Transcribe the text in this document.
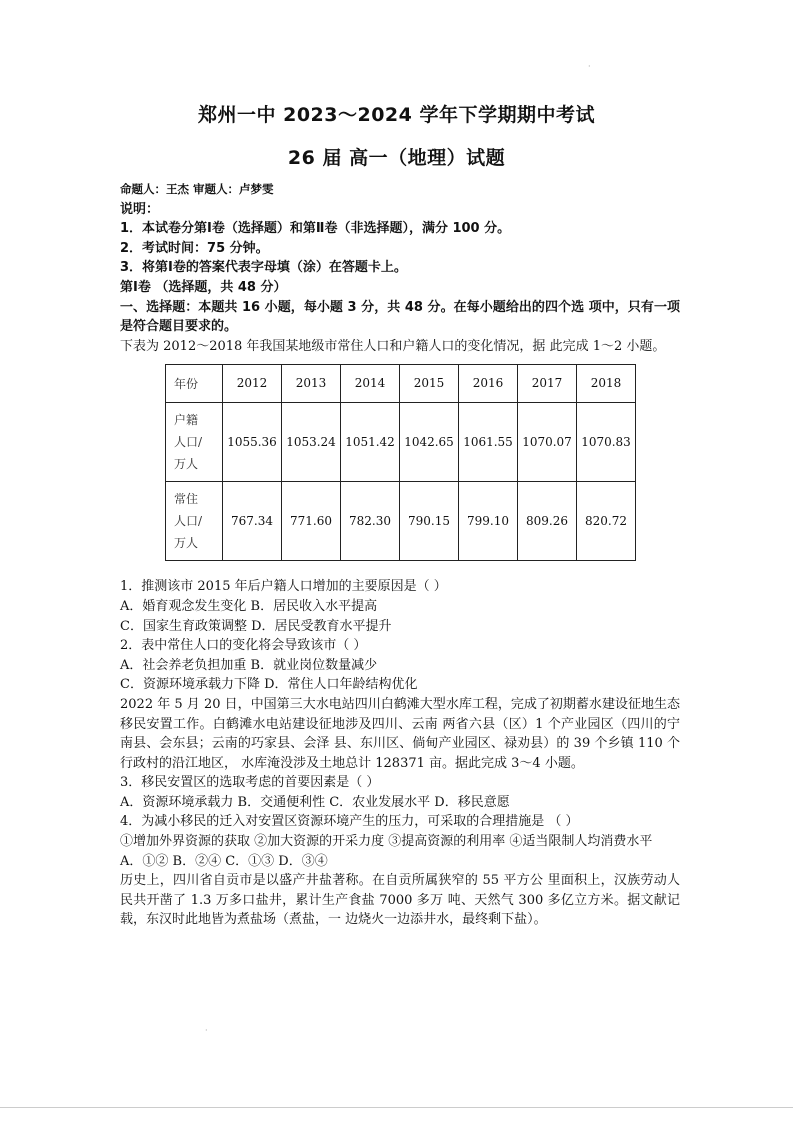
·
郑州一中 2023～2024 学年下学期期中考试
26 届 高一（地理）试题

命题人：王杰 审题人：卢梦雯

说明：

1．本试卷分第Ⅰ卷（选择题）和第Ⅱ卷（非选择题），满分 100 分。

2．考试时间：75 分钟。

3．将第Ⅰ卷的答案代表字母填（涂）在答题卡上。

第Ⅰ卷 （选择题，共 48 分）

一、选择题：本题共 16 小题，每小题 3 分，共 48 分。在每小题给出的四个选 项中，只有一项是符合题目要求的。

下表为 2012～2018 年我国某地级市常住人口和户籍人口的变化情况，据 此完成 1～2 小题。

年份	2012	2013	2014	2015	2016	2017	2018

户籍
人口/
万人	1055.36	1053.24	1051.42	1042.65	1061.55	1070.07	1070.83

常住
人口/
万人	767.34	771.60	782.30	790.15	799.10	809.26	820.72

1．推测该市 2015 年后户籍人口增加的主要原因是（ ）

A．婚育观念发生变化 B．居民收入水平提高

C．国家生育政策调整 D．居民受教育水平提升

2．表中常住人口的变化将会导致该市（ ）

A．社会养老负担加重 B．就业岗位数量减少

C．资源环境承载力下降 D．常住人口年龄结构优化

2022 年 5 月 20 日，中国第三大水电站四川白鹤滩大型水库工程，完成了初期蓄水建设征地生态移民安置工作。白鹤滩水电站建设征地涉及四川、云南 两省六县（区）1 个产业园区（四川的宁南县、会东县；云南的巧家县、会泽 县、东川区、倘甸产业园区、禄劝县）的 39 个乡镇 110 个行政村的沿江地区， 水库淹没涉及土地总计 128371 亩。据此完成 3～4 小题。

3．移民安置区的选取考虑的首要因素是（ ）

A．资源环境承载力 B．交通便利性 C．农业发展水平 D．移民意愿

4．为减小移民的迁入对安置区资源环境产生的压力，可采取的合理措施是 （ ）

①增加外界资源的获取 ②加大资源的开采力度 ③提高资源的利用率 ④适当限制人均消费水平

A．①② B．②④ C．①③ D．③④

历史上，四川省自贡市是以盛产井盐著称。在自贡所属狭窄的 55 平方公 里面积上，汉族劳动人民共开凿了 1.3 万多口盐井，累计生产食盐 7000 多万 吨、天然气 300 多亿立方米。据文献记载，东汉时此地皆为煮盐场（煮盐，一 边烧火一边添井水，最终剩下盐）。

·
